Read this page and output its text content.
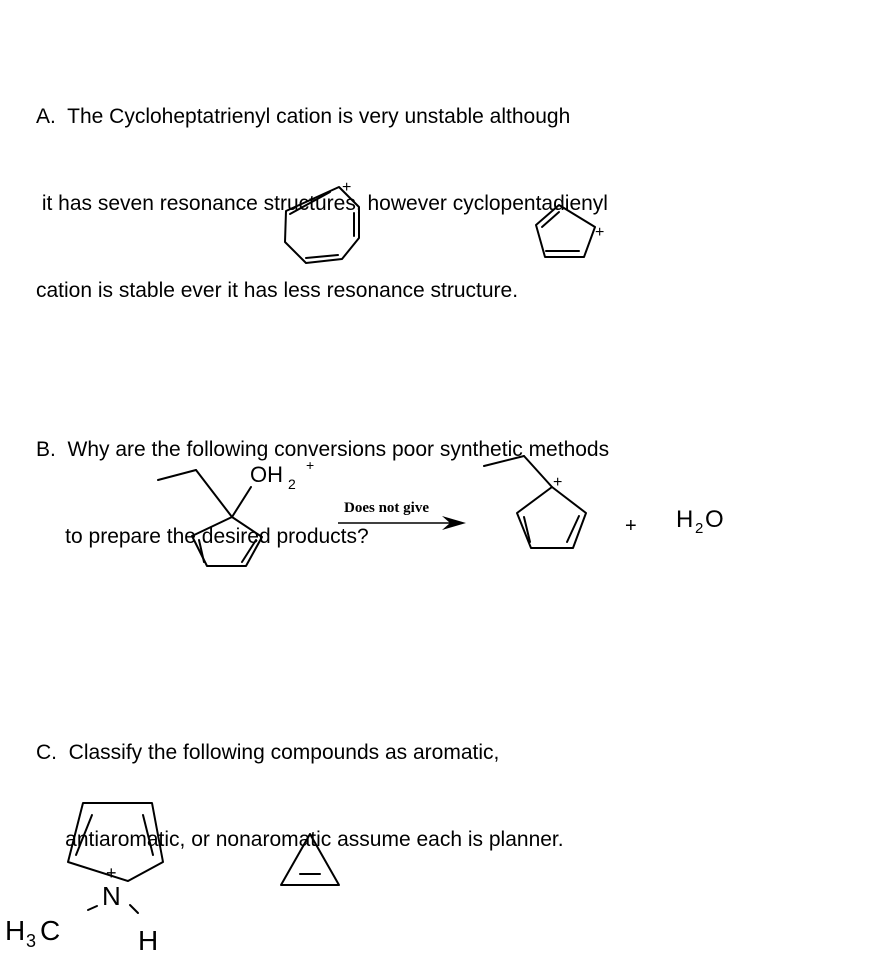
A.  The Cycloheptatrienyl cation is very unstable although

it has seven resonance structures, however cyclopentadienyl

cation is stable ever it has less resonance structure.

B.  Why are the following conversions poor synthetic methods

to prepare the desired products?

C.  Classify the following compounds as aromatic,

antiaromatic, or nonaromatic assume each is planner.

+
+
OH 2
+
Does not give
+
+ H 2 O
+
N
H
H 3 C
